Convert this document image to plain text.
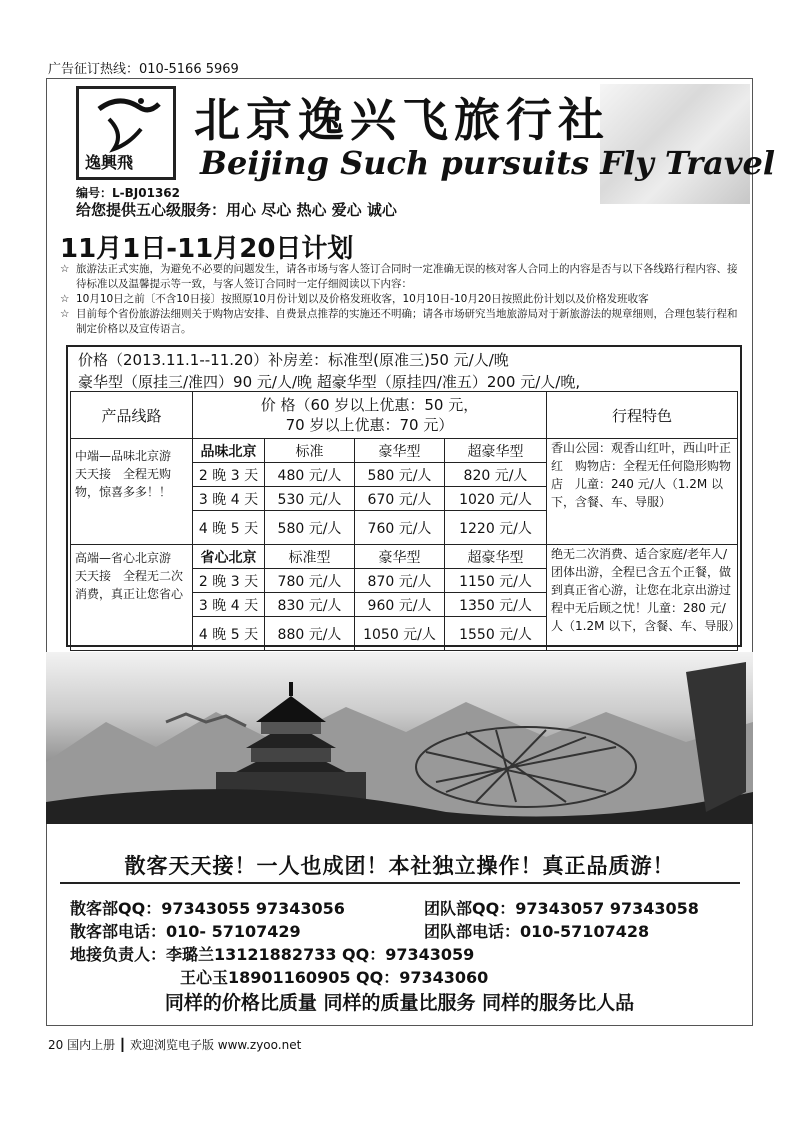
广告征订热线：010-5166 5969
逸興飛
北京逸兴飞旅行社
Beijing Such pursuits Fly Travel
编号：L-BJ01362
给您提供五心级服务：用心 尽心 热心 爱心 诚心
11月1日-11月20日计划
☆ 旅游法正式实施，为避免不必要的问题发生，请各市场与客人签订合同时一定准确无误的核对客人合同上的内容是否与以下各线路行程内容、接待标准以及温馨提示等一致，与客人签订合同时一定仔细阅读以下内容：
☆ 10月10日之前〔不含10日接〕按照原10月份计划以及价格发班收客，10月10日-10月20日按照此份计划以及价格发班收客
☆ 目前每个省份旅游法细则关于购物店安排、自费景点推荐的实施还不明确；请各市场研究当地旅游局对于新旅游法的规章细则，合理包装行程和制定价格以及宣传语言。
价格（2013.11.1--11.20）补房差：标准型(原准三)50 元/人/晚
豪华型（原挂三/准四）90 元/人/晚 超豪华型（原挂四/准五）200 元/人/晚,
产品线路	价 格（60 岁以上优惠：50 元，
70 岁以上优惠：70 元）				行程特色
中端—品味北京游　天天接　全程无购物，惊喜多多！！	品味北京	标准	豪华型	超豪华型	香山公园：观香山红叶，西山叶正红　购物店：全程无任何隐形购物店　儿童：240 元/人（1.2M 以下，含餐、车、导服）
	2 晚 3 天	480 元/人	580 元/人	820 元/人	
	3 晚 4 天	530 元/人	670 元/人	1020 元/人	
	4 晚 5 天	580 元/人	760 元/人	1220 元/人	
高端—省心北京游　天天接　全程无二次消费，真正让您省心	省心北京	标准型	豪华型	超豪华型	绝无二次消费、适合家庭/老年人/团体出游，全程已含五个正餐，做到真正省心游，让您在北京出游过程中无后顾之忧！儿童：280 元/人（1.2M 以下，含餐、车、导服）
	2 晚 3 天	780 元/人	870 元/人	1150 元/人	
	3 晚 4 天	830 元/人	960 元/人	1350 元/人	
	4 晚 5 天	880 元/人	1050 元/人	1550 元/人	
散客天天接！一人也成团！本社独立操作！真正品质游！
散客部QQ：97343055 97343056	团队部QQ：97343057 97343058
散客部电话：010- 57107429	团队部电话：010-57107428
地接负责人：李璐兰13121882733 QQ：97343059
王心玉18901160905 QQ：97343060
同样的价格比质量 同样的质量比服务 同样的服务比人品
20 国内上册 ┃ 欢迎浏览电子版 www.zyoo.net
